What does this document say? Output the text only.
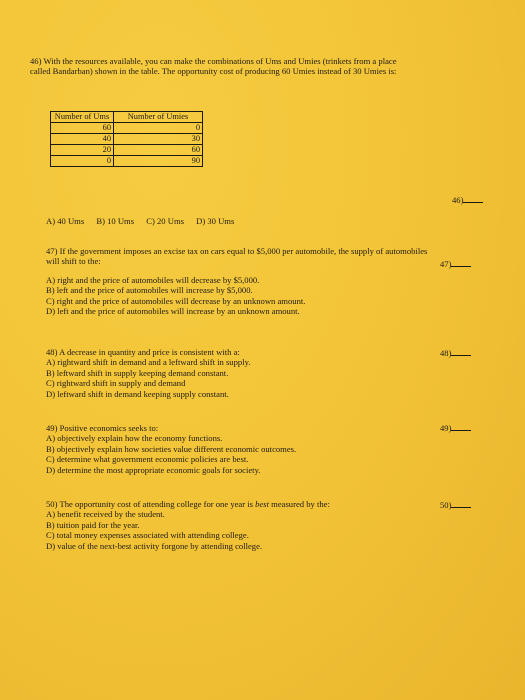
46) With the resources available, you can make the combinations of Ums and Umies (trinkets from a place
called Bandarban) shown in the table. The opportunity cost of producing 60 Umies instead of 30 Umies is:
Number of Ums	Number of Umies
60	0
40	30
20	60
0	90
46)
A) 40 Ums B) 10 Ums C) 20 Ums D) 30 Ums
47) If the government imposes an excise tax on cars equal to $5,000 per automobile, the supply of automobiles
will shift to the:
A) right and the price of automobiles will decrease by $5,000.
B) left and the price of automobiles will increase by $5,000.
C) right and the price of automobiles will decrease by an unknown amount.
D) left and the price of automobiles will increase by an unknown amount.
47)
48) A decrease in quantity and price is consistent with a:
A) rightward shift in demand and a leftward shift in supply.
B) leftward shift in supply keeping demand constant.
C) rightward shift in supply and demand
D) leftward shift in demand keeping supply constant.
48)
49) Positive economics seeks to:
A) objectively explain how the economy functions.
B) objectively explain how societies value different economic outcomes.
C) determine what government economic policies are best.
D) determine the most appropriate economic goals for society.
49)
50) The opportunity cost of attending college for one year is best measured by the:
A) benefit received by the student.
B) tuition paid for the year.
C) total money expenses associated with attending college.
D) value of the next-best activity forgone by attending college.
50)
